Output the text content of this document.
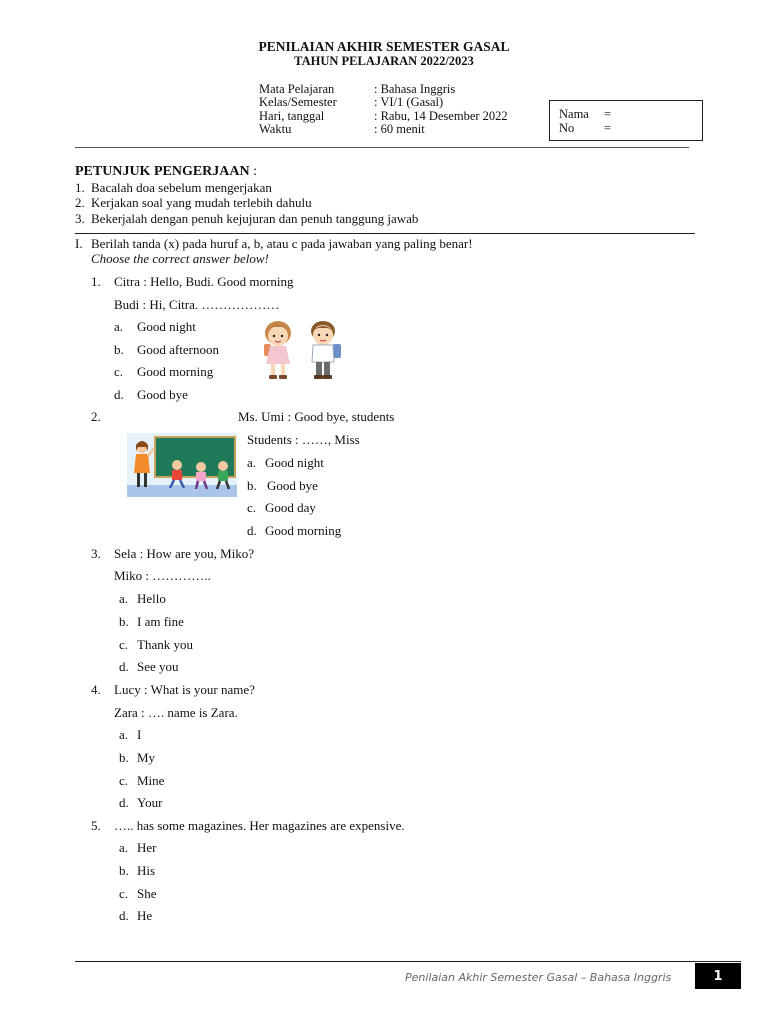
PENILAIAN AKHIR SEMESTER GASAL
TAHUN PELAJARAN 2022/2023
Mata Pelajaran	: Bahasa Inggris
Kelas/Semester	: VI/1 (Gasal)
Hari, tanggal	: Rabu, 14 Desember 2022
Waktu	: 60 menit
Nama =
No =
PETUNJUK PENGERJAAN :
1. Bacalah doa sebelum mengerjakan
2. Kerjakan soal yang mudah terlebih dahulu
3. Bekerjalah dengan penuh kejujuran dan penuh tanggung jawab
I. Berilah tanda (x) pada huruf a, b, atau c pada jawaban yang paling benar!
Choose the correct answer below!
1. Citra : Hello, Budi. Good morning
Budi : Hi, Citra. ………………
a. Good night
b. Good afternoon
c. Good morning
d. Good bye
2.	Ms. Umi : Good bye, students
Students : ……, Miss
a. Good night
b. Good bye
c. Good day
d. Good morning
3. Sela : How are you, Miko?
Miko : …………..
a. Hello
b. I am fine
c. Thank you
d. See you
4. Lucy : What is your name?
Zara : …. name is Zara.
a. I
b. My
c. Mine
d. Your
5. ….. has some magazines. Her magazines are expensive.
a. Her
b. His
c. She
d. He
Penilaian Akhir Semester Gasal – Bahasa Inggris	1
